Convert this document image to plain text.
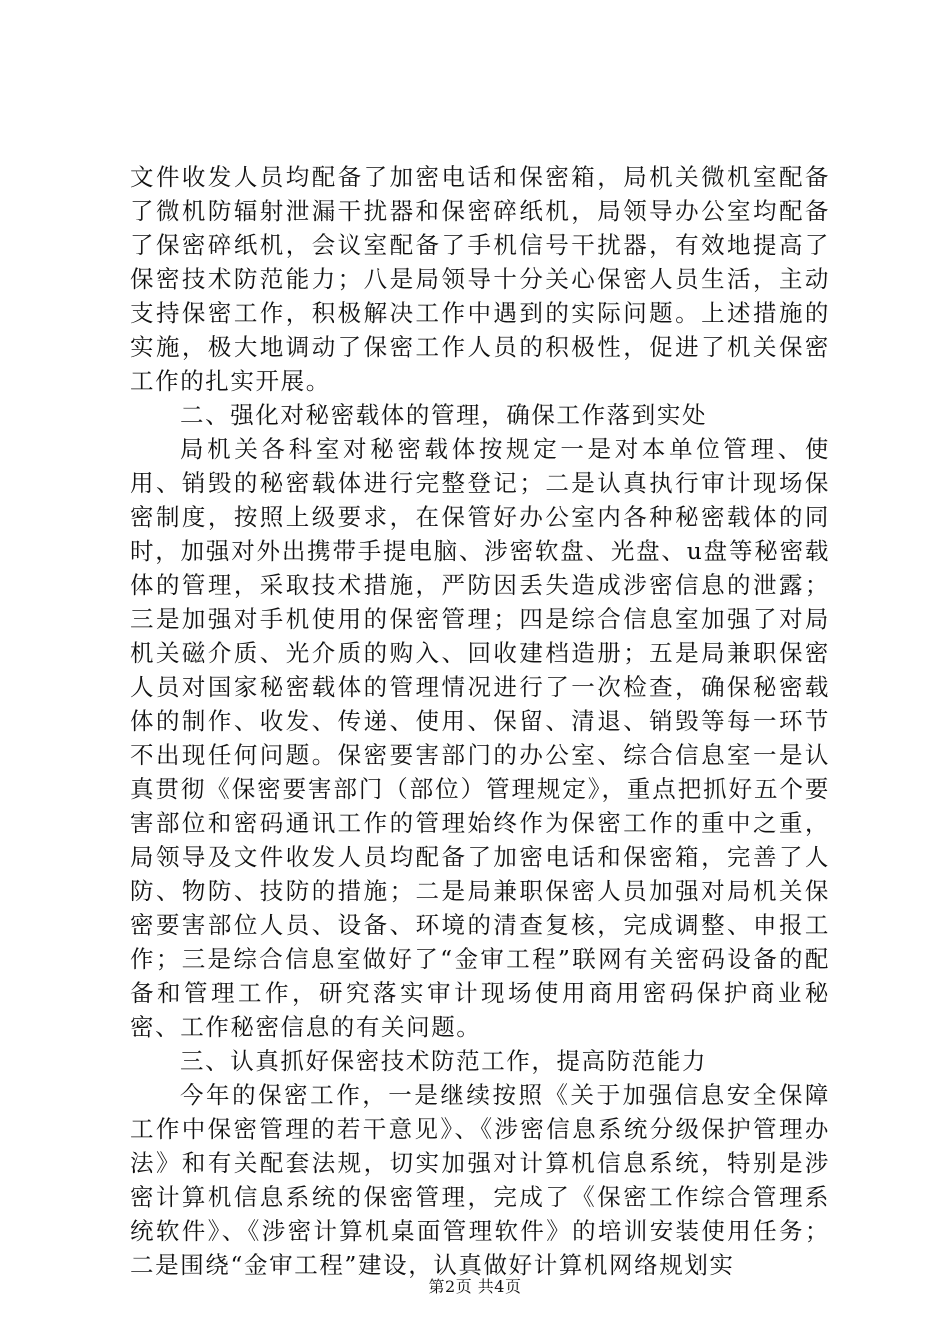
文件收发人员均配备了加密电话和保密箱，局机关微机室配备了微机防辐射泄漏干扰器和保密碎纸机，局领导办公室均配备了保密碎纸机，会议室配备了手机信号干扰器，有效地提高了保密技术防范能力；八是局领导十分关心保密人员生活，主动支持保密工作，积极解决工作中遇到的实际问题。上述措施的实施，极大地调动了保密工作人员的积极性，促进了机关保密工作的扎实开展。

二、强化对秘密载体的管理，确保工作落到实处

局机关各科室对秘密载体按规定一是对本单位管理、使用、销毁的秘密载体进行完整登记；二是认真执行审计现场保密制度，按照上级要求，在保管好办公室内各种秘密载体的同时，加强对外出携带手提电脑、涉密软盘、光盘、u盘等秘密载体的管理，采取技术措施，严防因丢失造成涉密信息的泄露；三是加强对手机使用的保密管理；四是综合信息室加强了对局机关磁介质、光介质的购入、回收建档造册；五是局兼职保密人员对国家秘密载体的管理情况进行了一次检查，确保秘密载体的制作、收发、传递、使用、保留、清退、销毁等每一环节不出现任何问题。保密要害部门的办公室、综合信息室一是认真贯彻《保密要害部门（部位）管理规定》，重点把抓好五个要害部位和密码通讯工作的管理始终作为保密工作的重中之重，局领导及文件收发人员均配备了加密电话和保密箱，完善了人防、物防、技防的措施；二是局兼职保密人员加强对局机关保密要害部位人员、设备、环境的清查复核，完成调整、申报工作；三是综合信息室做好了“金审工程”联网有关密码设备的配备和管理工作，研究落实审计现场使用商用密码保护商业秘密、工作秘密信息的有关问题。

三、认真抓好保密技术防范工作，提高防范能力

今年的保密工作，一是继续按照《关于加强信息安全保障工作中保密管理的若干意见》、《涉密信息系统分级保护管理办法》和有关配套法规，切实加强对计算机信息系统，特别是涉密计算机信息系统的保密管理，完成了《保密工作综合管理系统软件》、《涉密计算机桌面管理软件》的培训安装使用任务；二是围绕“金审工程”建设，认真做好计算机网络规划实

第2页 共4页
